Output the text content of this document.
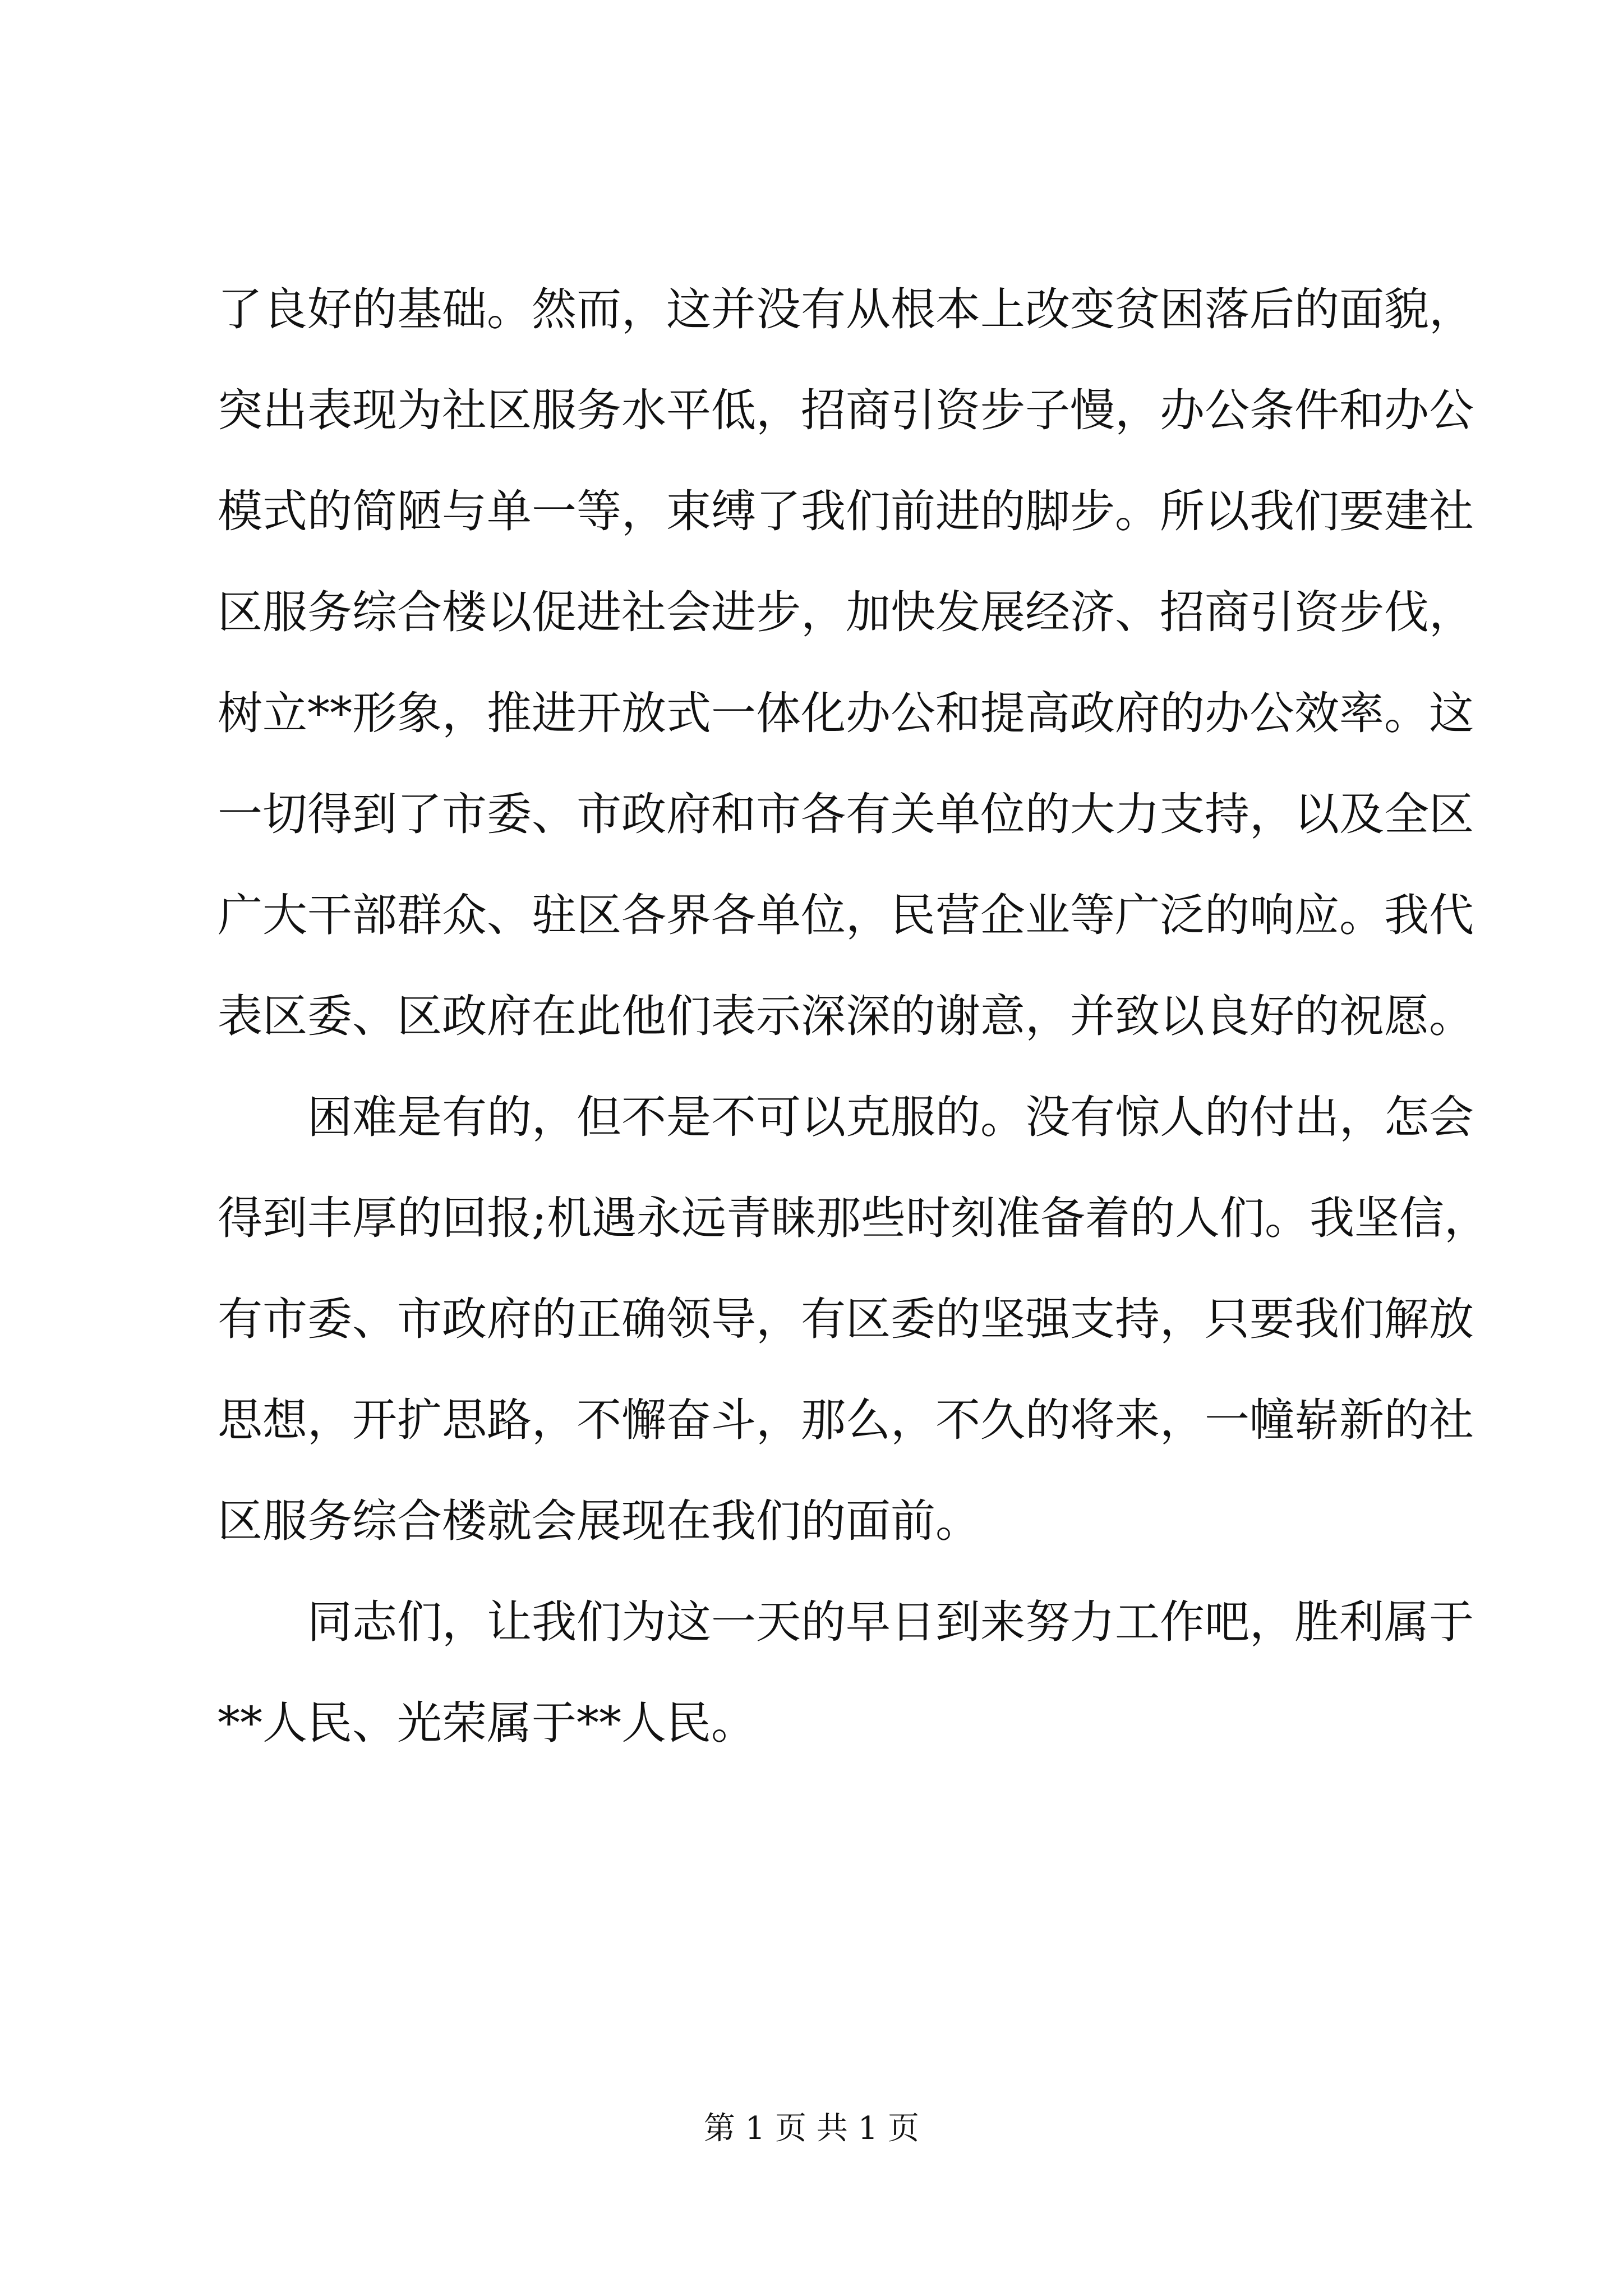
了良好的基础。然而，这并没有从根本上改变贫困落后的面貌，
突出表现为社区服务水平低，招商引资步子慢，办公条件和办公
模式的简陋与单一等，束缚了我们前进的脚步。所以我们要建社
区服务综合楼以促进社会进步，加快发展经济、招商引资步伐，
树立**形象，推进开放式一体化办公和提高政府的办公效率。这
一切得到了市委、市政府和市各有关单位的大力支持，以及全区
广大干部群众、驻区各界各单位，民营企业等广泛的响应。我代
表区委、区政府在此他们表示深深的谢意，并致以良好的祝愿。
困难是有的，但不是不可以克服的。没有惊人的付出，怎会
得到丰厚的回报;机遇永远青睐那些时刻准备着的人们。我坚信，
有市委、市政府的正确领导，有区委的坚强支持，只要我们解放
思想，开扩思路，不懈奋斗，那么，不久的将来，一幢崭新的社
区服务综合楼就会展现在我们的面前。
同志们，让我们为这一天的早日到来努力工作吧，胜利属于
**人民、光荣属于**人民。
第 1 页 共 1 页
